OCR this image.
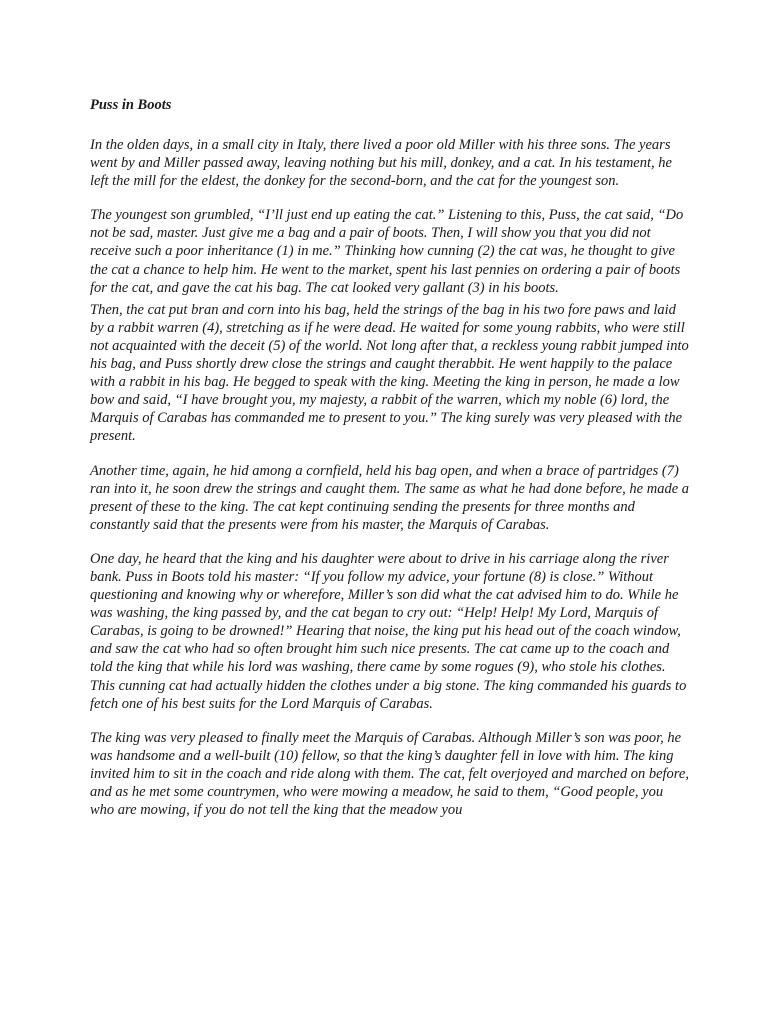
Puss in Boots

In the olden days, in a small city in Italy, there lived a poor old Miller with his three sons. The years went by and Miller passed away, leaving nothing but his mill, donkey, and a cat. In his testament, he left the mill for the eldest, the donkey for the second-born, and the cat for the youngest son.

The youngest son grumbled, “I’ll just end up eating the cat.” Listening to this, Puss, the cat said, “Do not be sad, master. Just give me a bag and a pair of boots. Then, I will show you that you did not receive such a poor inheritance (1) in me.” Thinking how cunning (2) the cat was, he thought to give the cat a chance to help him. He went to the market, spent his last pennies on ordering a pair of boots for the cat, and gave the cat his bag. The cat looked very gallant (3) in his boots.

Then, the cat put bran and corn into his bag, held the strings of the bag in his two fore paws and laid by a rabbit warren (4), stretching as if he were dead. He waited for some young rabbits, who were still not acquainted with the deceit (5) of the world. Not long after that, a reckless young rabbit jumped into his bag, and Puss shortly drew close the strings and caught therabbit. He went happily to the palace with a rabbit in his bag. He begged to speak with the king. Meeting the king in person, he made a low bow and said, “I have brought you, my majesty, a rabbit of the warren, which my noble (6) lord, the Marquis of Carabas has commanded me to present to you.” The king surely was very pleased with the present.

Another time, again, he hid among a cornfield, held his bag open, and when a brace of partridges (7) ran into it, he soon drew the strings and caught them. The same as what he had done before, he made a present of these to the king. The cat kept continuing sending the presents for three months and constantly said that the presents were from his master, the Marquis of Carabas.

One day, he heard that the king and his daughter were about to drive in his carriage along the river bank. Puss in Boots told his master: “If you follow my advice, your fortune (8) is close.” Without questioning and knowing why or wherefore, Miller’s son did what the cat advised him to do. While he was washing, the king passed by, and the cat began to cry out: “Help! Help! My Lord, Marquis of Carabas, is going to be drowned!” Hearing that noise, the king put his head out of the coach window, and saw the cat who had so often brought him such nice presents. The cat came up to the coach and told the king that while his lord was washing, there came by some rogues (9), who stole his clothes. This cunning cat had actually hidden the clothes under a big stone. The king commanded his guards to fetch one of his best suits for the Lord Marquis of Carabas.

The king was very pleased to finally meet the Marquis of Carabas. Although Miller’s son was poor, he was handsome and a well-built (10) fellow, so that the king’s daughter fell in love with him. The king invited him to sit in the coach and ride along with them. The cat, felt overjoyed and marched on before, and as he met some countrymen, who were mowing a meadow, he said to them, “Good people, you who are mowing, if you do not tell the king that the meadow you
